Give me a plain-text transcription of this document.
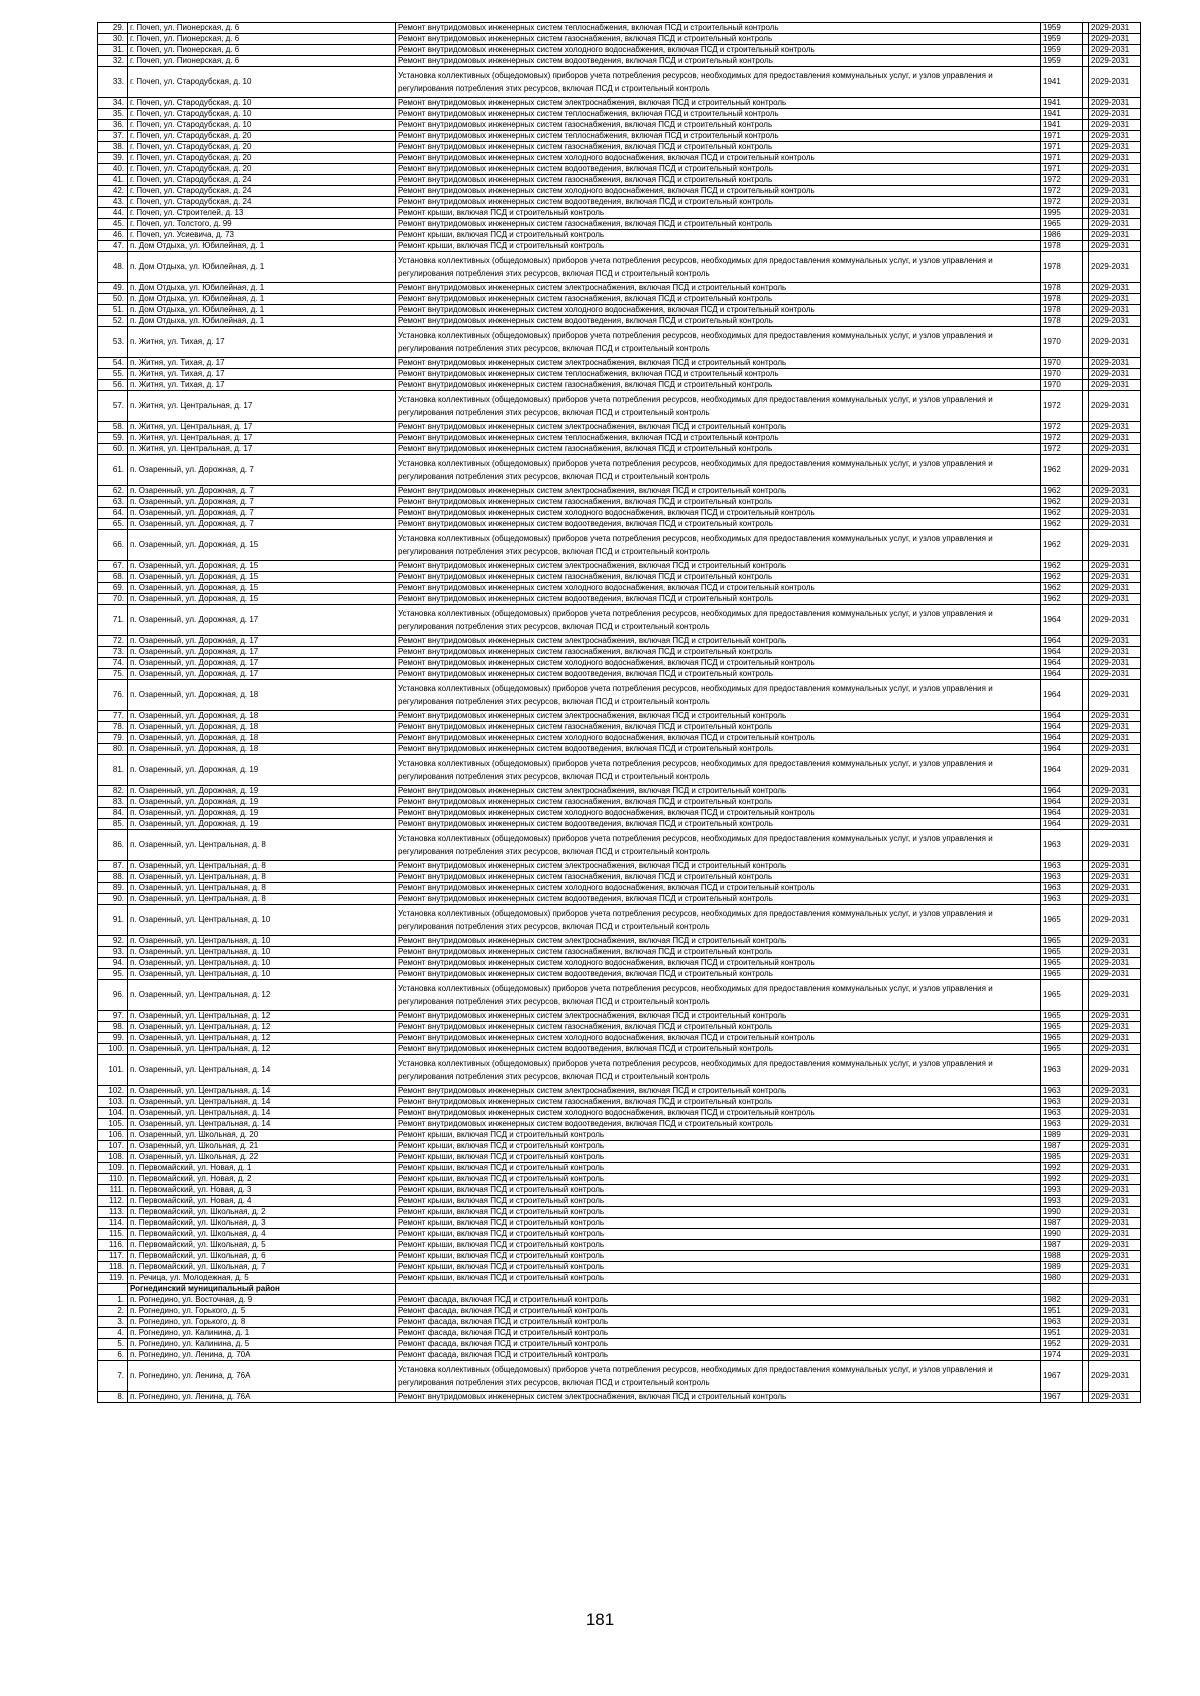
29.	г. Почеп, ул. Пионерская, д. 6	Ремонт внутридомовых инженерных систем теплоснабжения, включая ПСД и строительный контроль	1959		2029-2031
30.	г. Почеп, ул. Пионерская, д. 6	Ремонт внутридомовых инженерных систем газоснабжения, включая ПСД и строительный контроль	1959		2029-2031
31.	г. Почеп, ул. Пионерская, д. 6	Ремонт внутридомовых инженерных систем холодного водоснабжения, включая ПСД и строительный контроль	1959		2029-2031
32.	г. Почеп, ул. Пионерская, д. 6	Ремонт внутридомовых инженерных систем водоотведения, включая ПСД и строительный контроль	1959		2029-2031
33.	г. Почеп, ул. Стародубская, д. 10	Установка коллективных (общедомовых) приборов учета потребления ресурсов, необходимых для предоставления коммунальных услуг, и узлов управления и регулирования потребления этих ресурсов, включая ПСД и строительный контроль	1941		2029-2031
34.	г. Почеп, ул. Стародубская, д. 10	Ремонт внутридомовых инженерных систем электроснабжения, включая ПСД и строительный контроль	1941		2029-2031
35.	г. Почеп, ул. Стародубская, д. 10	Ремонт внутридомовых инженерных систем теплоснабжения, включая ПСД и строительный контроль	1941		2029-2031
36.	г. Почеп, ул. Стародубская, д. 10	Ремонт внутридомовых инженерных систем газоснабжения, включая ПСД и строительный контроль	1941		2029-2031
37.	г. Почеп, ул. Стародубская, д. 20	Ремонт внутридомовых инженерных систем теплоснабжения, включая ПСД и строительный контроль	1971		2029-2031
38.	г. Почеп, ул. Стародубская, д. 20	Ремонт внутридомовых инженерных систем газоснабжения, включая ПСД и строительный контроль	1971		2029-2031
39.	г. Почеп, ул. Стародубская, д. 20	Ремонт внутридомовых инженерных систем холодного водоснабжения, включая ПСД и строительный контроль	1971		2029-2031
40.	г. Почеп, ул. Стародубская, д. 20	Ремонт внутридомовых инженерных систем водоотведения, включая ПСД и строительный контроль	1971		2029-2031
41.	г. Почеп, ул. Стародубская, д. 24	Ремонт внутридомовых инженерных систем газоснабжения, включая ПСД и строительный контроль	1972		2029-2031
42.	г. Почеп, ул. Стародубская, д. 24	Ремонт внутридомовых инженерных систем холодного водоснабжения, включая ПСД и строительный контроль	1972		2029-2031
43.	г. Почеп, ул. Стародубская, д. 24	Ремонт внутридомовых инженерных систем водоотведения, включая ПСД и строительный контроль	1972		2029-2031
44.	г. Почеп, ул. Строителей, д. 13	Ремонт крыши, включая ПСД и строительный контроль	1995		2029-2031
45.	г. Почеп, ул. Толстого, д. 99	Ремонт внутридомовых инженерных систем газоснабжения, включая ПСД и строительный контроль	1965		2029-2031
46.	г. Почеп, ул. Усиевича, д. 73	Ремонт крыши, включая ПСД и строительный контроль	1986		2029-2031
47.	п. Дом Отдыха, ул. Юбилейная, д. 1	Ремонт крыши, включая ПСД и строительный контроль	1978		2029-2031
48.	п. Дом Отдыха, ул. Юбилейная, д. 1	Установка коллективных (общедомовых) приборов учета потребления ресурсов, необходимых для предоставления коммунальных услуг, и узлов управления и регулирования потребления этих ресурсов, включая ПСД и строительный контроль	1978		2029-2031
49.	п. Дом Отдыха, ул. Юбилейная, д. 1	Ремонт внутридомовых инженерных систем электроснабжения, включая ПСД и строительный контроль	1978		2029-2031
50.	п. Дом Отдыха, ул. Юбилейная, д. 1	Ремонт внутридомовых инженерных систем газоснабжения, включая ПСД и строительный контроль	1978		2029-2031
51.	п. Дом Отдыха, ул. Юбилейная, д. 1	Ремонт внутридомовых инженерных систем холодного водоснабжения, включая ПСД и строительный контроль	1978		2029-2031
52.	п. Дом Отдыха, ул. Юбилейная, д. 1	Ремонт внутридомовых инженерных систем водоотведения, включая ПСД и строительный контроль	1978		2029-2031
53.	п. Житня, ул. Тихая, д. 17	Установка коллективных (общедомовых) приборов учета потребления ресурсов, необходимых для предоставления коммунальных услуг, и узлов управления и регулирования потребления этих ресурсов, включая ПСД и строительный контроль	1970		2029-2031
54.	п. Житня, ул. Тихая, д. 17	Ремонт внутридомовых инженерных систем электроснабжения, включая ПСД и строительный контроль	1970		2029-2031
55.	п. Житня, ул. Тихая, д. 17	Ремонт внутридомовых инженерных систем теплоснабжения, включая ПСД и строительный контроль	1970		2029-2031
56.	п. Житня, ул. Тихая, д. 17	Ремонт внутридомовых инженерных систем газоснабжения, включая ПСД и строительный контроль	1970		2029-2031
57.	п. Житня, ул. Центральная, д. 17	Установка коллективных (общедомовых) приборов учета потребления ресурсов, необходимых для предоставления коммунальных услуг, и узлов управления и регулирования потребления этих ресурсов, включая ПСД и строительный контроль	1972		2029-2031
58.	п. Житня, ул. Центральная, д. 17	Ремонт внутридомовых инженерных систем электроснабжения, включая ПСД и строительный контроль	1972		2029-2031
59.	п. Житня, ул. Центральная, д. 17	Ремонт внутридомовых инженерных систем теплоснабжения, включая ПСД и строительный контроль	1972		2029-2031
60.	п. Житня, ул. Центральная, д. 17	Ремонт внутридомовых инженерных систем газоснабжения, включая ПСД и строительный контроль	1972		2029-2031
61.	п. Озаренный, ул. Дорожная, д. 7	Установка коллективных (общедомовых) приборов учета потребления ресурсов, необходимых для предоставления коммунальных услуг, и узлов управления и регулирования потребления этих ресурсов, включая ПСД и строительный контроль	1962		2029-2031
62.	п. Озаренный, ул. Дорожная, д. 7	Ремонт внутридомовых инженерных систем электроснабжения, включая ПСД и строительный контроль	1962		2029-2031
63.	п. Озаренный, ул. Дорожная, д. 7	Ремонт внутридомовых инженерных систем газоснабжения, включая ПСД и строительный контроль	1962		2029-2031
64.	п. Озаренный, ул. Дорожная, д. 7	Ремонт внутридомовых инженерных систем холодного водоснабжения, включая ПСД и строительный контроль	1962		2029-2031
65.	п. Озаренный, ул. Дорожная, д. 7	Ремонт внутридомовых инженерных систем водоотведения, включая ПСД и строительный контроль	1962		2029-2031
66.	п. Озаренный, ул. Дорожная, д. 15	Установка коллективных (общедомовых) приборов учета потребления ресурсов, необходимых для предоставления коммунальных услуг, и узлов управления и регулирования потребления этих ресурсов, включая ПСД и строительный контроль	1962		2029-2031
67.	п. Озаренный, ул. Дорожная, д. 15	Ремонт внутридомовых инженерных систем электроснабжения, включая ПСД и строительный контроль	1962		2029-2031
68.	п. Озаренный, ул. Дорожная, д. 15	Ремонт внутридомовых инженерных систем газоснабжения, включая ПСД и строительный контроль	1962		2029-2031
69.	п. Озаренный, ул. Дорожная, д. 15	Ремонт внутридомовых инженерных систем холодного водоснабжения, включая ПСД и строительный контроль	1962		2029-2031
70.	п. Озаренный, ул. Дорожная, д. 15	Ремонт внутридомовых инженерных систем водоотведения, включая ПСД и строительный контроль	1962		2029-2031
71.	п. Озаренный, ул. Дорожная, д. 17	Установка коллективных (общедомовых) приборов учета потребления ресурсов, необходимых для предоставления коммунальных услуг, и узлов управления и регулирования потребления этих ресурсов, включая ПСД и строительный контроль	1964		2029-2031
72.	п. Озаренный, ул. Дорожная, д. 17	Ремонт внутридомовых инженерных систем электроснабжения, включая ПСД и строительный контроль	1964		2029-2031
73.	п. Озаренный, ул. Дорожная, д. 17	Ремонт внутридомовых инженерных систем газоснабжения, включая ПСД и строительный контроль	1964		2029-2031
74.	п. Озаренный, ул. Дорожная, д. 17	Ремонт внутридомовых инженерных систем холодного водоснабжения, включая ПСД и строительный контроль	1964		2029-2031
75.	п. Озаренный, ул. Дорожная, д. 17	Ремонт внутридомовых инженерных систем водоотведения, включая ПСД и строительный контроль	1964		2029-2031
76.	п. Озаренный, ул. Дорожная, д. 18	Установка коллективных (общедомовых) приборов учета потребления ресурсов, необходимых для предоставления коммунальных услуг, и узлов управления и регулирования потребления этих ресурсов, включая ПСД и строительный контроль	1964		2029-2031
77.	п. Озаренный, ул. Дорожная, д. 18	Ремонт внутридомовых инженерных систем электроснабжения, включая ПСД и строительный контроль	1964		2029-2031
78.	п. Озаренный, ул. Дорожная, д. 18	Ремонт внутридомовых инженерных систем газоснабжения, включая ПСД и строительный контроль	1964		2029-2031
79.	п. Озаренный, ул. Дорожная, д. 18	Ремонт внутридомовых инженерных систем холодного водоснабжения, включая ПСД и строительный контроль	1964		2029-2031
80.	п. Озаренный, ул. Дорожная, д. 18	Ремонт внутридомовых инженерных систем водоотведения, включая ПСД и строительный контроль	1964		2029-2031
81.	п. Озаренный, ул. Дорожная, д. 19	Установка коллективных (общедомовых) приборов учета потребления ресурсов, необходимых для предоставления коммунальных услуг, и узлов управления и регулирования потребления этих ресурсов, включая ПСД и строительный контроль	1964		2029-2031
82.	п. Озаренный, ул. Дорожная, д. 19	Ремонт внутридомовых инженерных систем электроснабжения, включая ПСД и строительный контроль	1964		2029-2031
83.	п. Озаренный, ул. Дорожная, д. 19	Ремонт внутридомовых инженерных систем газоснабжения, включая ПСД и строительный контроль	1964		2029-2031
84.	п. Озаренный, ул. Дорожная, д. 19	Ремонт внутридомовых инженерных систем холодного водоснабжения, включая ПСД и строительный контроль	1964		2029-2031
85.	п. Озаренный, ул. Дорожная, д. 19	Ремонт внутридомовых инженерных систем водоотведения, включая ПСД и строительный контроль	1964		2029-2031
86.	п. Озаренный, ул. Центральная, д. 8	Установка коллективных (общедомовых) приборов учета потребления ресурсов, необходимых для предоставления коммунальных услуг, и узлов управления и регулирования потребления этих ресурсов, включая ПСД и строительный контроль	1963		2029-2031
87.	п. Озаренный, ул. Центральная, д. 8	Ремонт внутридомовых инженерных систем электроснабжения, включая ПСД и строительный контроль	1963		2029-2031
88.	п. Озаренный, ул. Центральная, д. 8	Ремонт внутридомовых инженерных систем газоснабжения, включая ПСД и строительный контроль	1963		2029-2031
89.	п. Озаренный, ул. Центральная, д. 8	Ремонт внутридомовых инженерных систем холодного водоснабжения, включая ПСД и строительный контроль	1963		2029-2031
90.	п. Озаренный, ул. Центральная, д. 8	Ремонт внутридомовых инженерных систем водоотведения, включая ПСД и строительный контроль	1963		2029-2031
91.	п. Озаренный, ул. Центральная, д. 10	Установка коллективных (общедомовых) приборов учета потребления ресурсов, необходимых для предоставления коммунальных услуг, и узлов управления и регулирования потребления этих ресурсов, включая ПСД и строительный контроль	1965		2029-2031
92.	п. Озаренный, ул. Центральная, д. 10	Ремонт внутридомовых инженерных систем электроснабжения, включая ПСД и строительный контроль	1965		2029-2031
93.	п. Озаренный, ул. Центральная, д. 10	Ремонт внутридомовых инженерных систем газоснабжения, включая ПСД и строительный контроль	1965		2029-2031
94.	п. Озаренный, ул. Центральная, д. 10	Ремонт внутридомовых инженерных систем холодного водоснабжения, включая ПСД и строительный контроль	1965		2029-2031
95.	п. Озаренный, ул. Центральная, д. 10	Ремонт внутридомовых инженерных систем водоотведения, включая ПСД и строительный контроль	1965		2029-2031
96.	п. Озаренный, ул. Центральная, д. 12	Установка коллективных (общедомовых) приборов учета потребления ресурсов, необходимых для предоставления коммунальных услуг, и узлов управления и регулирования потребления этих ресурсов, включая ПСД и строительный контроль	1965		2029-2031
97.	п. Озаренный, ул. Центральная, д. 12	Ремонт внутридомовых инженерных систем электроснабжения, включая ПСД и строительный контроль	1965		2029-2031
98.	п. Озаренный, ул. Центральная, д. 12	Ремонт внутридомовых инженерных систем газоснабжения, включая ПСД и строительный контроль	1965		2029-2031
99.	п. Озаренный, ул. Центральная, д. 12	Ремонт внутридомовых инженерных систем холодного водоснабжения, включая ПСД и строительный контроль	1965		2029-2031
100.	п. Озаренный, ул. Центральная, д. 12	Ремонт внутридомовых инженерных систем водоотведения, включая ПСД и строительный контроль	1965		2029-2031
101.	п. Озаренный, ул. Центральная, д. 14	Установка коллективных (общедомовых) приборов учета потребления ресурсов, необходимых для предоставления коммунальных услуг, и узлов управления и регулирования потребления этих ресурсов, включая ПСД и строительный контроль	1963		2029-2031
102.	п. Озаренный, ул. Центральная, д. 14	Ремонт внутридомовых инженерных систем электроснабжения, включая ПСД и строительный контроль	1963		2029-2031
103.	п. Озаренный, ул. Центральная, д. 14	Ремонт внутридомовых инженерных систем газоснабжения, включая ПСД и строительный контроль	1963		2029-2031
104.	п. Озаренный, ул. Центральная, д. 14	Ремонт внутридомовых инженерных систем холодного водоснабжения, включая ПСД и строительный контроль	1963		2029-2031
105.	п. Озаренный, ул. Центральная, д. 14	Ремонт внутридомовых инженерных систем водоотведения, включая ПСД и строительный контроль	1963		2029-2031
106.	п. Озаренный, ул. Школьная, д. 20	Ремонт крыши, включая ПСД и строительный контроль	1989		2029-2031
107.	п. Озаренный, ул. Школьная, д. 21	Ремонт крыши, включая ПСД и строительный контроль	1987		2029-2031
108.	п. Озаренный, ул. Школьная, д. 22	Ремонт крыши, включая ПСД и строительный контроль	1985		2029-2031
109.	п. Первомайский, ул. Новая, д. 1	Ремонт крыши, включая ПСД и строительный контроль	1992		2029-2031
110.	п. Первомайский, ул. Новая, д. 2	Ремонт крыши, включая ПСД и строительный контроль	1992		2029-2031
111.	п. Первомайский, ул. Новая, д. 3	Ремонт крыши, включая ПСД и строительный контроль	1993		2029-2031
112.	п. Первомайский, ул. Новая, д. 4	Ремонт крыши, включая ПСД и строительный контроль	1993		2029-2031
113.	п. Первомайский, ул. Школьная, д. 2	Ремонт крыши, включая ПСД и строительный контроль	1990		2029-2031
114.	п. Первомайский, ул. Школьная, д. 3	Ремонт крыши, включая ПСД и строительный контроль	1987		2029-2031
115.	п. Первомайский, ул. Школьная, д. 4	Ремонт крыши, включая ПСД и строительный контроль	1990		2029-2031
116.	п. Первомайский, ул. Школьная, д. 5	Ремонт крыши, включая ПСД и строительный контроль	1987		2029-2031
117.	п. Первомайский, ул. Школьная, д. 6	Ремонт крыши, включая ПСД и строительный контроль	1988		2029-2031
118.	п. Первомайский, ул. Школьная, д. 7	Ремонт крыши, включая ПСД и строительный контроль	1989		2029-2031
119.	п. Речица, ул. Молодежная, д. 5	Ремонт крыши, включая ПСД и строительный контроль	1980		2029-2031
	Рогнединский муниципальный район				
1.	п. Рогнедино, ул. Восточная, д. 9	Ремонт фасада, включая ПСД и строительный контроль	1982		2029-2031
2.	п. Рогнедино, ул. Горького, д. 5	Ремонт фасада, включая ПСД и строительный контроль	1951		2029-2031
3.	п. Рогнедино, ул. Горького, д. 8	Ремонт фасада, включая ПСД и строительный контроль	1963		2029-2031
4.	п. Рогнедино, ул. Калинина, д. 1	Ремонт фасада, включая ПСД и строительный контроль	1951		2029-2031
5.	п. Рогнедино, ул. Калинина, д. 5	Ремонт фасада, включая ПСД и строительный контроль	1952		2029-2031
6.	п. Рогнедино, ул. Ленина, д. 70А	Ремонт фасада, включая ПСД и строительный контроль	1974		2029-2031
7.	п. Рогнедино, ул. Ленина, д. 76А	Установка коллективных (общедомовых) приборов учета потребления ресурсов, необходимых для предоставления коммунальных услуг, и узлов управления и регулирования потребления этих ресурсов, включая ПСД и строительный контроль	1967		2029-2031
8.	п. Рогнедино, ул. Ленина, д. 76А	Ремонт внутридомовых инженерных систем электроснабжения, включая ПСД и строительный контроль	1967		2029-2031
181
